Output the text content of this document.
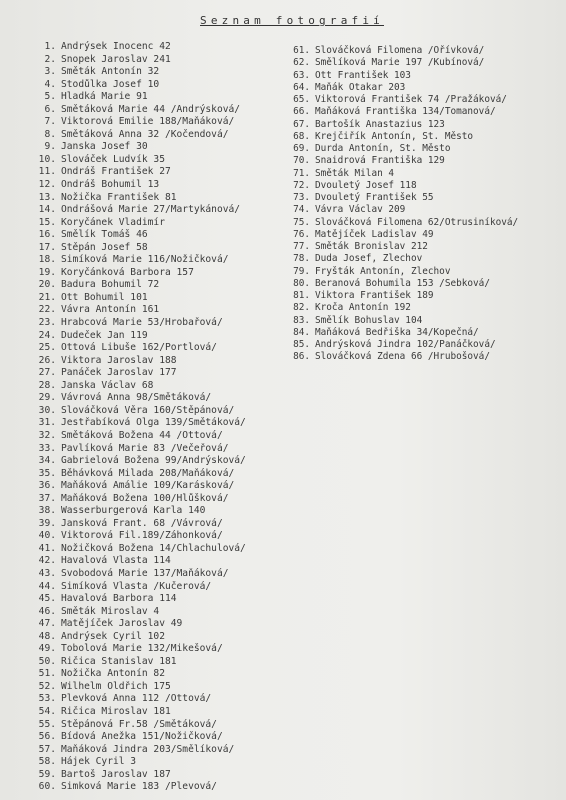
Seznam fotografií
1. Andrýsek Inocenc 42
2. Snopek Jaroslav 241
3. Směták Antonín 32
4. Stodůlka Josef 10
5. Hladká Marie 91
6. Smětáková Marie 44 /Andrýsková/
7. Viktorová Emilie 188/Maňáková/
8. Smětáková Anna 32 /Kočendová/
9. Janska Josef 30
10. Slováček Ludvík 35
11. Ondráš František 27
12. Ondráš Bohumil 13
13. Nožička František 81
14. Ondrášová Marie 27/Martykánová/
15. Koryčánek Vladimír
16. Smělík Tomáš 46
17. Štěpán Josef 58
18. Šimíková Marie 116/Nožičková/
19. Koryčánková Barbora 157
20. Badura Bohumil 72
21. Ott Bohumil 101
22. Vávra Antonín 161
23. Hrabcová Marie 53/Hrobařová/
24. Dudeček Jan 119
25. Ottová Libuše 162/Portlová/
26. Viktora Jaroslav 188
27. Panáček Jaroslav 177
28. Janska Václav 68
29. Vávrová Anna 98/Smětáková/
30. Slováčková Věra 160/Štěpánová/
31. Jestřabíková Olga 139/Smětáková/
32. Smětáková Božena 44 /Ottová/
33. Pavlíková Marie 83 /Večeřová/
34. Gabrielová Božena 99/Andrýsková/
35. Běhávková Milada 208/Maňáková/
36. Maňáková Amálie 109/Karásková/
37. Maňáková Božena 100/Hlůšková/
38. Wasserburgerová Karla 140
39. Jansková Frant. 68 /Vávrová/
40. Viktorová Fil.189/Záhonková/
41. Nožičková Božena 14/Chlachulová/
42. Havalová Vlasta 114
43. Svobodová Marie 137/Maňáková/
44. Šimíková Vlasta /Kučerová/
45. Havalová Barbora 114
46. Směták Miroslav 4
47. Matějíček Jaroslav 49
48. Andrýsek Cyril 102
49. Tobolová Marie 132/Mikešová/
50. Ričica Stanislav 181
51. Nožička Antonín 82
52. Wilhelm Oldřich 175
53. Plevková Anna 112 /Ottová/
54. Ričica Miroslav 181
55. Štěpánová Fr.58 /Smětáková/
56. Bídová Anežka 151/Nožičková/
57. Maňáková Jindra 203/Smělíková/
58. Hájek Cyril 3
59. Bartoš Jaroslav 187
60. Šimková Marie 183 /Plevová/
61. Slováčková Filomena /Ořívková/
62. Smělíková Marie 197 /Kubínová/
63. Ott František 103
64. Maňák Otakar 203
65. Viktorová František 74 /Pražáková/
66. Maňáková Františka 134/Tomanová/
67. Bartošík Anastazius 123
68. Krejčiřík Antonín, St. Město
69. Durda Antonín, St. Město
70. Šnaidrová Františka 129
71. Směták Milan 4
72. Dvouletý Josef 118
73. Dvouletý František 55
74. Vávra Václav 209
75. Slováčková Filomena 62/Otrusiníková/
76. Matějíček Ladislav 49
77. Směták Bronislav 212
78. Duda Josef, Zlechov
79. Fryšták Antonín, Zlechov
80. Beranová Bohumila 153 /Šebková/
81. Viktora František 189
82. Kroča Antonín 192
83. Smělík Bohuslav 104
84. Maňáková Bedřiška 34/Kopečná/
85. Andrýsková Jindra 102/Panáčková/
86. Slováčková Zdena 66 /Hrubošová/
